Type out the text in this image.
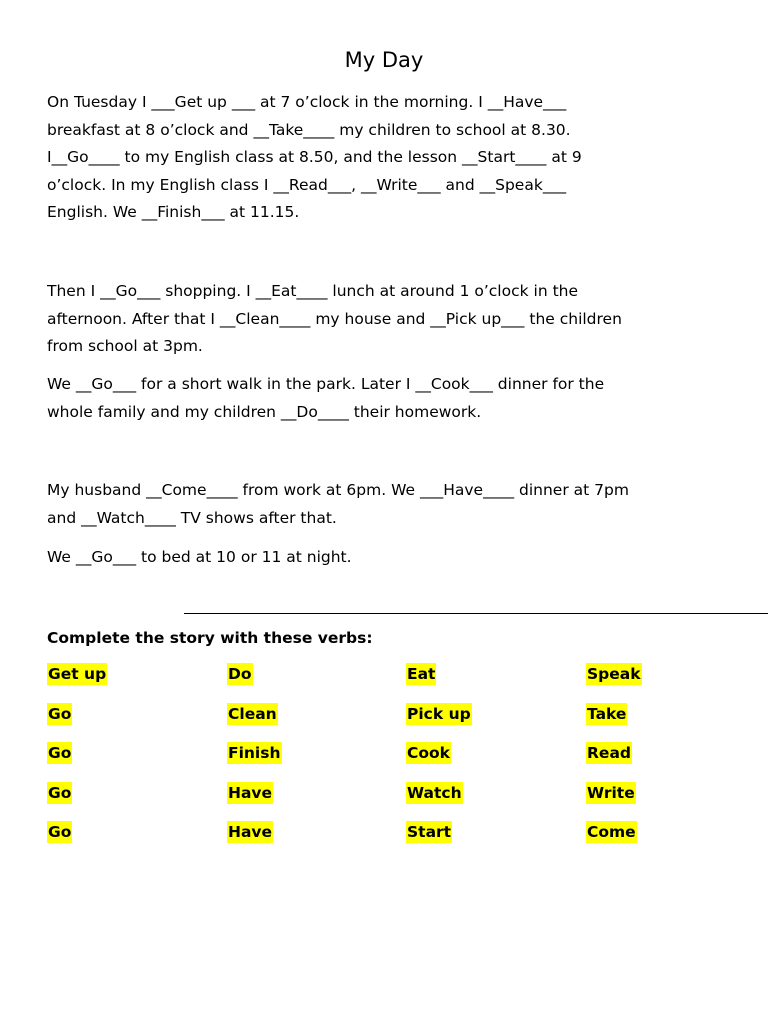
My Day

On Tuesday I ___Get up ___ at 7 o’clock in the morning. I __Have___
breakfast at 8 o’clock and __Take____ my children to school at 8.30.
I__Go____ to my English class at 8.50, and the lesson __Start____ at 9
o’clock. In my English class I __Read___, __Write___ and __Speak___
English. We __Finish___ at 11.15.

Then I __Go___ shopping. I __Eat____ lunch at around 1 o’clock in the
afternoon. After that I __Clean____ my house and __Pick up___ the children
from school at 3pm.

We __Go___ for a short walk in the park. Later I __Cook___ dinner for the
whole family and my children __Do____ their homework.

My husband __Come____ from work at 6pm. We ___Have____ dinner at 7pm
and __Watch____ TV shows after that.

We __Go___ to bed at 10 or 11 at night.

Complete the story with these verbs:
Get up
Go
Go
Go
Go
Do
Clean
Finish
Have
Have
Eat
Pick up
Cook
Watch
Start
Speak
Take
Read
Write
Come
